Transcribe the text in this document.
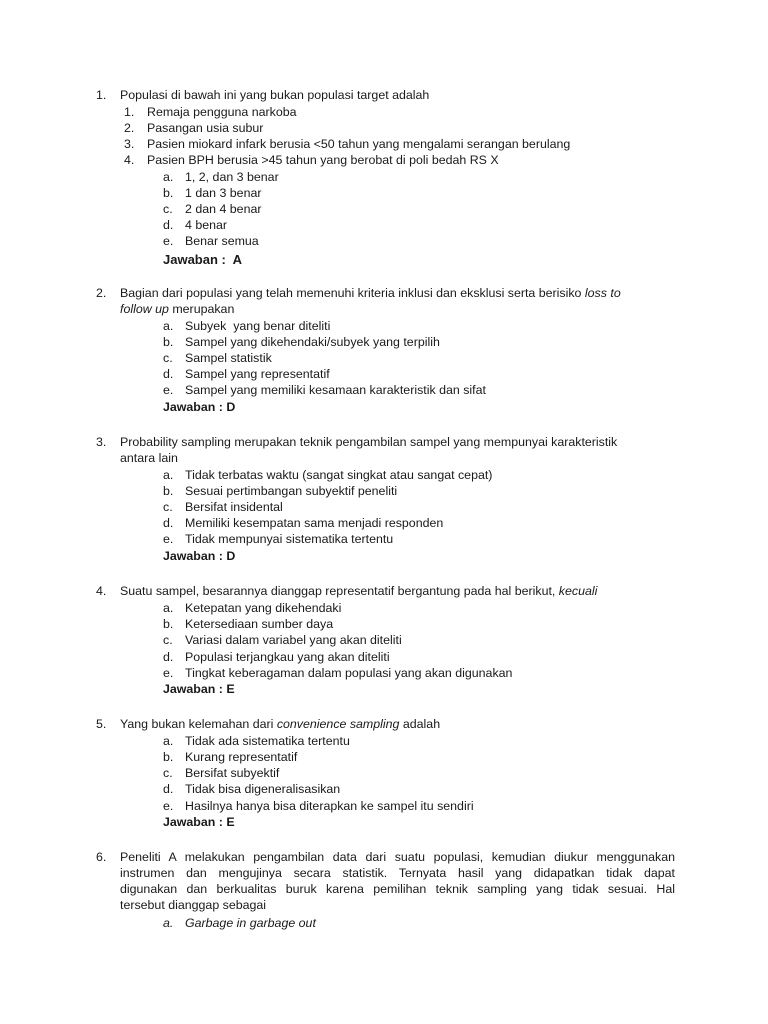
1. Populasi di bawah ini yang bukan populasi target adalah
1. Remaja pengguna narkoba
2. Pasangan usia subur
3. Pasien miokard infark berusia <50 tahun yang mengalami serangan berulang
4. Pasien BPH berusia >45 tahun yang berobat di poli bedah RS X
a. 1, 2, dan 3 benar
b. 1 dan 3 benar
c. 2 dan 4 benar
d. 4 benar
e. Benar semua
Jawaban :  A
2. Bagian dari populasi yang telah memenuhi kriteria inklusi dan eksklusi serta berisiko loss to
follow up merupakan
a. Subyek  yang benar diteliti
b. Sampel yang dikehendaki/subyek yang terpilih
c. Sampel statistik
d. Sampel yang representatif
e. Sampel yang memiliki kesamaan karakteristik dan sifat
Jawaban : D
3. Probability sampling merupakan teknik pengambilan sampel yang mempunyai karakteristik
antara lain
a. Tidak terbatas waktu (sangat singkat atau sangat cepat)
b. Sesuai pertimbangan subyektif peneliti
c. Bersifat insidental
d. Memiliki kesempatan sama menjadi responden
e. Tidak mempunyai sistematika tertentu
Jawaban : D
4. Suatu sampel, besarannya dianggap representatif bergantung pada hal berikut, kecuali
a. Ketepatan yang dikehendaki
b. Ketersediaan sumber daya
c. Variasi dalam variabel yang akan diteliti
d. Populasi terjangkau yang akan diteliti
e. Tingkat keberagaman dalam populasi yang akan digunakan
Jawaban : E
5. Yang bukan kelemahan dari convenience sampling adalah
a. Tidak ada sistematika tertentu
b. Kurang representatif
c. Bersifat subyektif
d. Tidak bisa digeneralisasikan
e. Hasilnya hanya bisa diterapkan ke sampel itu sendiri
Jawaban : E
6. Peneliti A melakukan pengambilan data dari suatu populasi, kemudian diukur menggunakan
instrumen dan mengujinya secara statistik. Ternyata hasil yang didapatkan tidak dapat
digunakan dan berkualitas buruk karena pemilihan teknik sampling yang tidak sesuai. Hal
tersebut dianggap sebagai
a. Garbage in garbage out
